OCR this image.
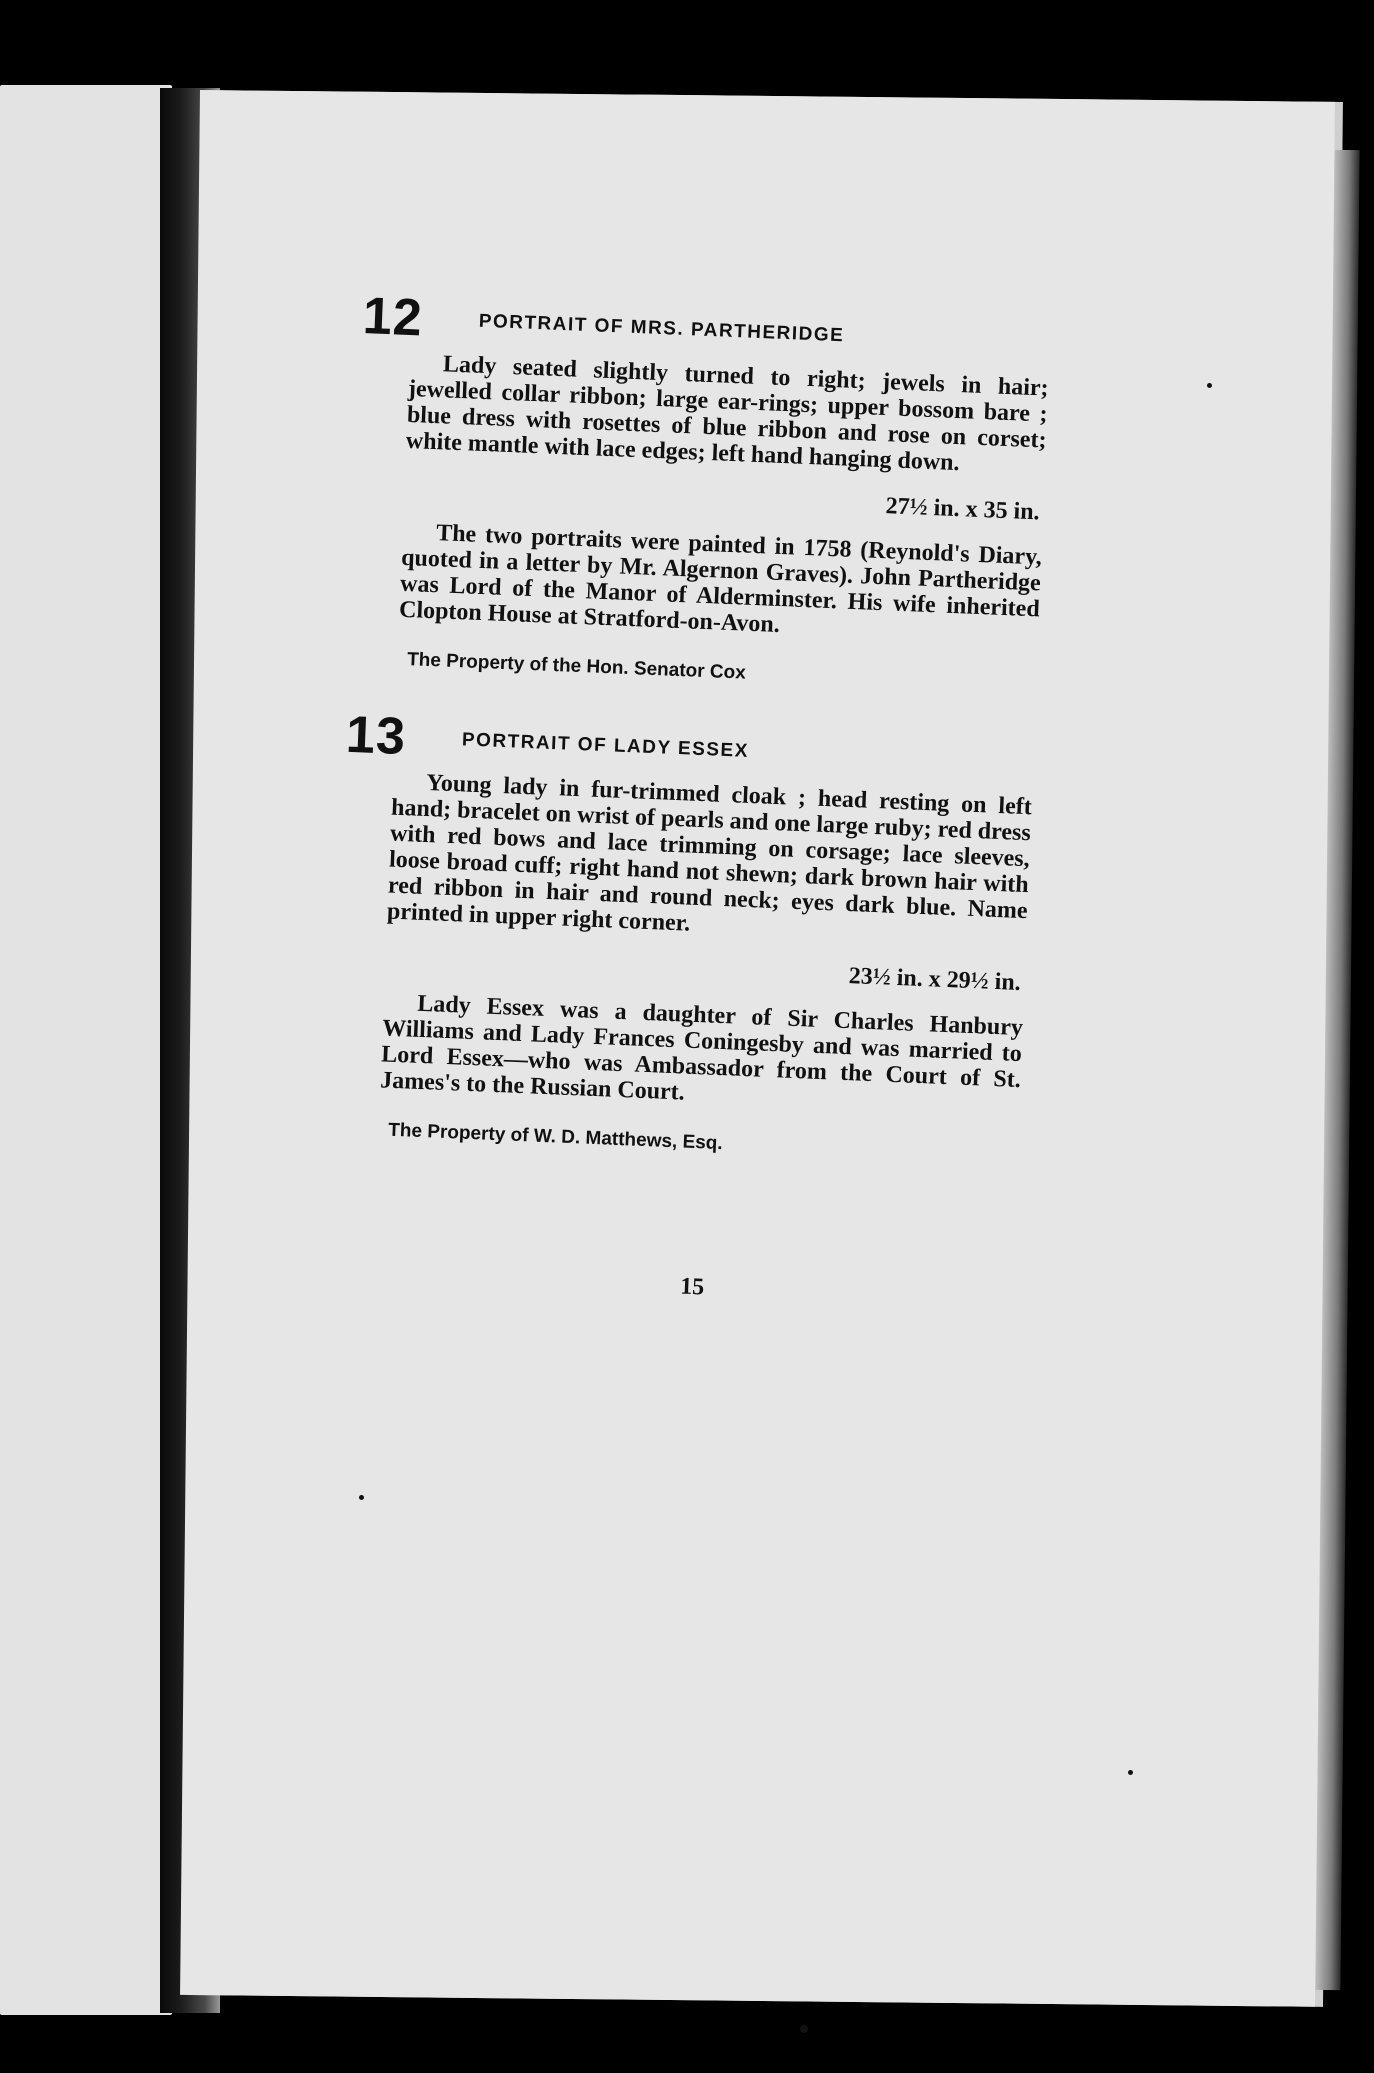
12	PORTRAIT OF MRS. PARTHERIDGE

Lady seated slightly turned to right; jewels in hair; jewelled collar ribbon; large ear-rings; upper bossom bare ; blue dress with rosettes of blue ribbon and rose on corset; white mantle with lace edges; left hand hanging down.

27½ in. x 35 in.

The two portraits were painted in 1758 (Reynold's Diary, quoted in a letter by Mr. Algernon Graves). John Partheridge was Lord of the Manor of Alderminster. His wife inherited Clopton House at Stratford-on-Avon.

The Property of the Hon. Senator Cox
13	PORTRAIT OF LADY ESSEX

Young lady in fur-trimmed cloak ; head resting on left hand; bracelet on wrist of pearls and one large ruby; red dress with red bows and lace trimming on corsage; lace sleeves, loose broad cuff; right hand not shewn; dark brown hair with red ribbon in hair and round neck; eyes dark blue. Name printed in upper right corner.

23½ in. x 29½ in.

Lady Essex was a daughter of Sir Charles Hanbury Williams and Lady Frances Coningesby and was married to Lord Essex—who was Ambassador from the Court of St. James's to the Russian Court.

The Property of W. D. Matthews, Esq.
15
